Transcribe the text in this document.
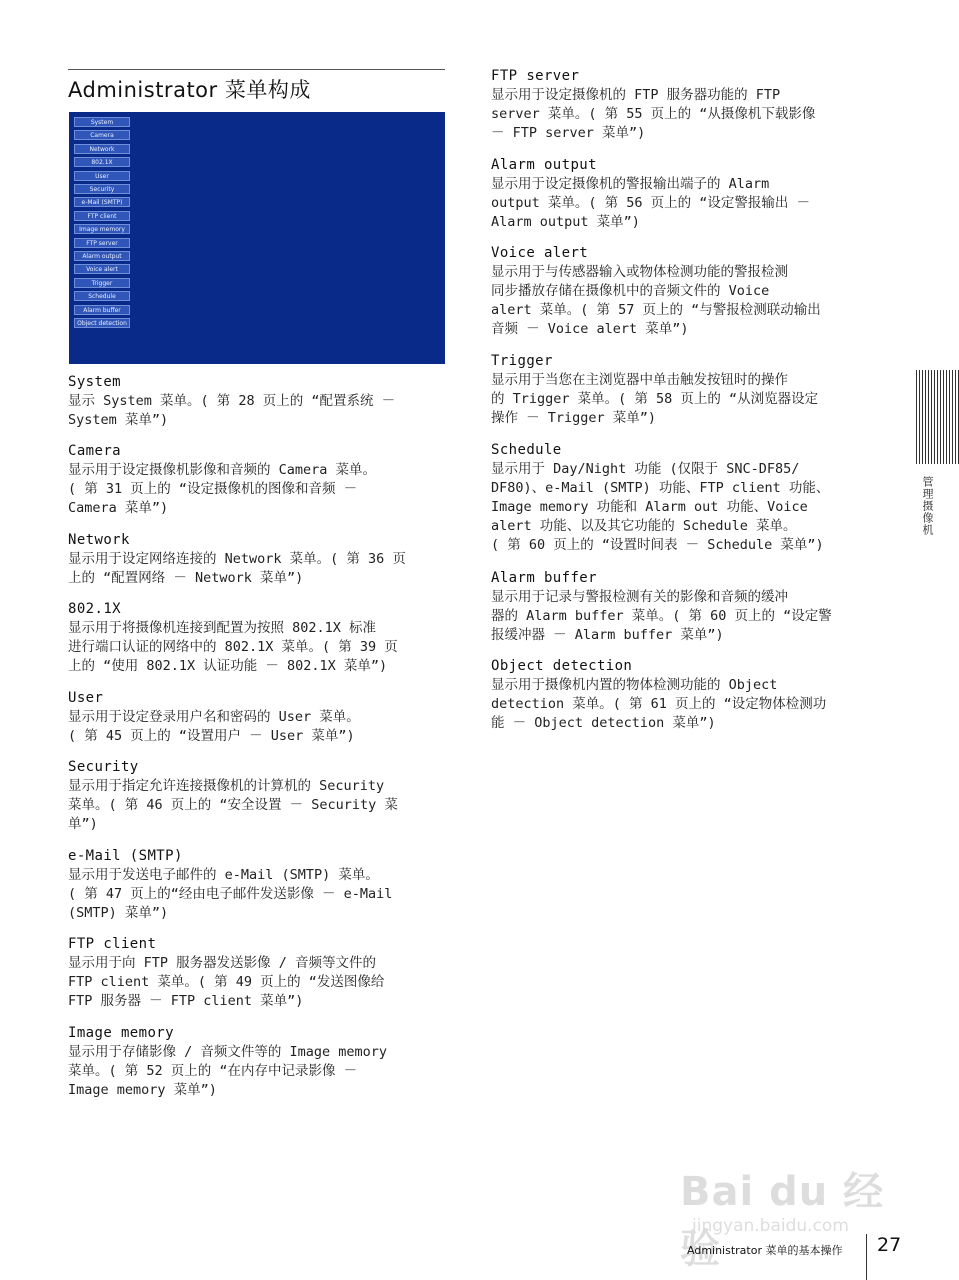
Administrator 菜单构成
System
Camera
Network
802.1X
User
Security
e-Mail (SMTP)
FTP client
Image memory
FTP server
Alarm output
Voice alert
Trigger
Schedule
Alarm buffer
Object detection
System
显示 System 菜单。( 第 28 页上的 “配置系统 －
System 菜单”)
Camera
显示用于设定摄像机影像和音频的 Camera 菜单。
( 第 31 页上的 “设定摄像机的图像和音频 －
Camera 菜单”)
Network
显示用于设定网络连接的 Network 菜单。( 第 36 页
上的 “配置网络 － Network 菜单”)
802.1X
显示用于将摄像机连接到配置为按照 802.1X 标准
进行端口认证的网络中的 802.1X 菜单。( 第 39 页
上的 “使用 802.1X 认证功能 － 802.1X 菜单”)
User
显示用于设定登录用户名和密码的 User 菜单。
( 第 45 页上的 “设置用户 － User 菜单”)
Security
显示用于指定允许连接摄像机的计算机的 Security
菜单。( 第 46 页上的 “安全设置 － Security 菜
单”)
e-Mail (SMTP)
显示用于发送电子邮件的 e-Mail (SMTP) 菜单。
( 第 47 页上的“经由电子邮件发送影像 － e-Mail
(SMTP) 菜单”)
FTP client
显示用于向 FTP 服务器发送影像 / 音频等文件的
FTP client 菜单。( 第 49 页上的 “发送图像给
FTP 服务器 － FTP client 菜单”)
Image memory
显示用于存储影像 / 音频文件等的 Image memory
菜单。( 第 52 页上的 “在内存中记录影像 －
Image memory 菜单”)
FTP server
显示用于设定摄像机的 FTP 服务器功能的 FTP
server 菜单。( 第 55 页上的 “从摄像机下载影像
－ FTP server 菜单”)
Alarm output
显示用于设定摄像机的警报输出端子的 Alarm
output 菜单。( 第 56 页上的 “设定警报输出 －
Alarm output 菜单”)
Voice alert
显示用于与传感器输入或物体检测功能的警报检测
同步播放存储在摄像机中的音频文件的 Voice
alert 菜单。( 第 57 页上的 “与警报检测联动输出
音频 － Voice alert 菜单”)
Trigger
显示用于当您在主浏览器中单击触发按钮时的操作
的 Trigger 菜单。( 第 58 页上的 “从浏览器设定
操作 － Trigger 菜单”)
Schedule
显示用于 Day/Night 功能 (仅限于 SNC-DF85/
DF80)、e-Mail (SMTP) 功能、FTP client 功能、
Image memory 功能和 Alarm out 功能、Voice
alert 功能、以及其它功能的 Schedule 菜单。
( 第 60 页上的 “设置时间表 － Schedule 菜单”)
Alarm buffer
显示用于记录与警报检测有关的影像和音频的缓冲
器的 Alarm buffer 菜单。( 第 60 页上的 “设定警
报缓冲器 － Alarm buffer 菜单”)
Object detection
显示用于摄像机内置的物体检测功能的 Object
detection 菜单。( 第 61 页上的 “设定物体检测功
能 － Object detection 菜单”)
管理摄像机
Bai du 经验
jingyan.baidu.com
Administrator 菜单的基本操作 27
